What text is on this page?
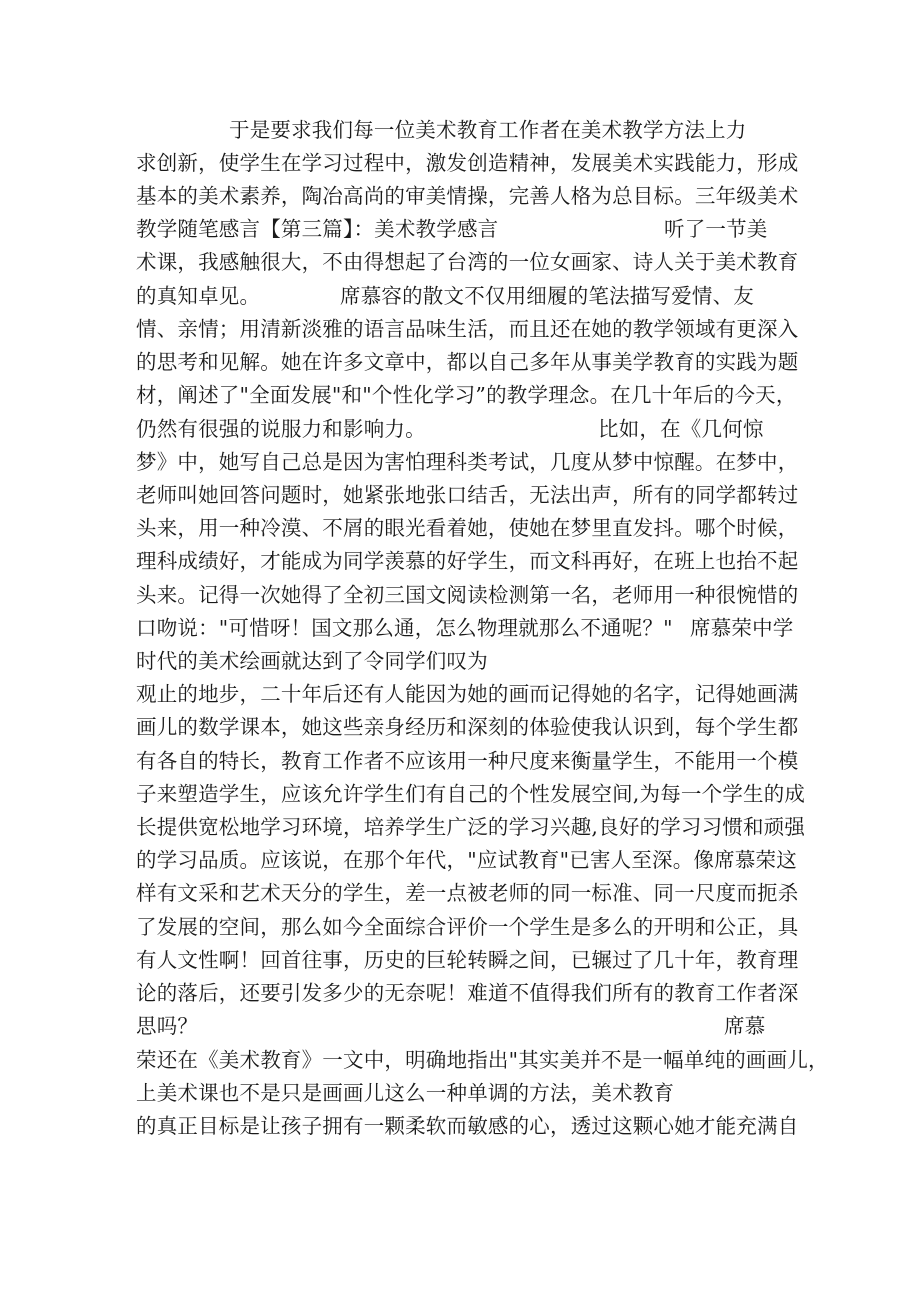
于是要求我们每一位美术教育工作者在美术教学方法上力
求创新，使学生在学习过程中，激发创造精神，发展美术实践能力，形成
基本的美术素养，陶冶高尚的审美情操，完善人格为总目标。三年级美术
教学随笔感言【第三篇】：美术教学感言	听了一节美
术课，我感触很大，不由得想起了台湾的一位女画家、诗人关于美术教育
的真知卓见。	席慕容的散文不仅用细履的笔法描写爱情、友
情、亲情；用清新淡雅的语言品味生活，而且还在她的教学领域有更深入
的思考和见解。她在许多文章中，都以自己多年从事美学教育的实践为题
材，阐述了"全面发展"和"个性化学习”的教学理念。在几十年后的今天，
仍然有很强的说服力和影响力。	比如，在《几何惊
梦》中，她写自己总是因为害怕理科类考试，几度从梦中惊醒。在梦中，
老师叫她回答问题时，她紧张地张口结舌，无法出声，所有的同学都转过
头来，用一种冷漠、不屑的眼光看着她，使她在梦里直发抖。哪个时候，
理科成绩好，才能成为同学羡慕的好学生，而文科再好，在班上也抬不起
头来。记得一次她得了全初三国文阅读检测第一名，老师用一种很惋惜的
口吻说："可惜呀！国文那么通，怎么物理就那么不通呢？" 席慕荣中学
时代的美术绘画就达到了令同学们叹为
观止的地步，二十年后还有人能因为她的画而记得她的名字，记得她画满
画儿的数学课本，她这些亲身经历和深刻的体验使我认识到，每个学生都
有各自的特长，教育工作者不应该用一种尺度来衡量学生，不能用一个模
子来塑造学生，应该允许学生们有自己的个性发展空间,为每一个学生的成
长提供宽松地学习环境，培养学生广泛的学习兴趣,良好的学习习惯和顽强
的学习品质。应该说，在那个年代，"应试教育"已害人至深。像席慕荣这
样有文采和艺术天分的学生，差一点被老师的同一标准、同一尺度而扼杀
了发展的空间，那么如今全面综合评价一个学生是多么的开明和公正，具
有人文性啊！回首往事，历史的巨轮转瞬之间，已辗过了几十年，教育理
论的落后，还要引发多少的无奈呢！难道不值得我们所有的教育工作者深
思吗？	席慕
荣还在《美术教育》一文中，明确地指出"其实美并不是一幅单纯的画画儿，
上美术课也不是只是画画儿这么一种单调的方法，美术教育
的真正目标是让孩子拥有一颗柔软而敏感的心，透过这颗心她才能充满自
